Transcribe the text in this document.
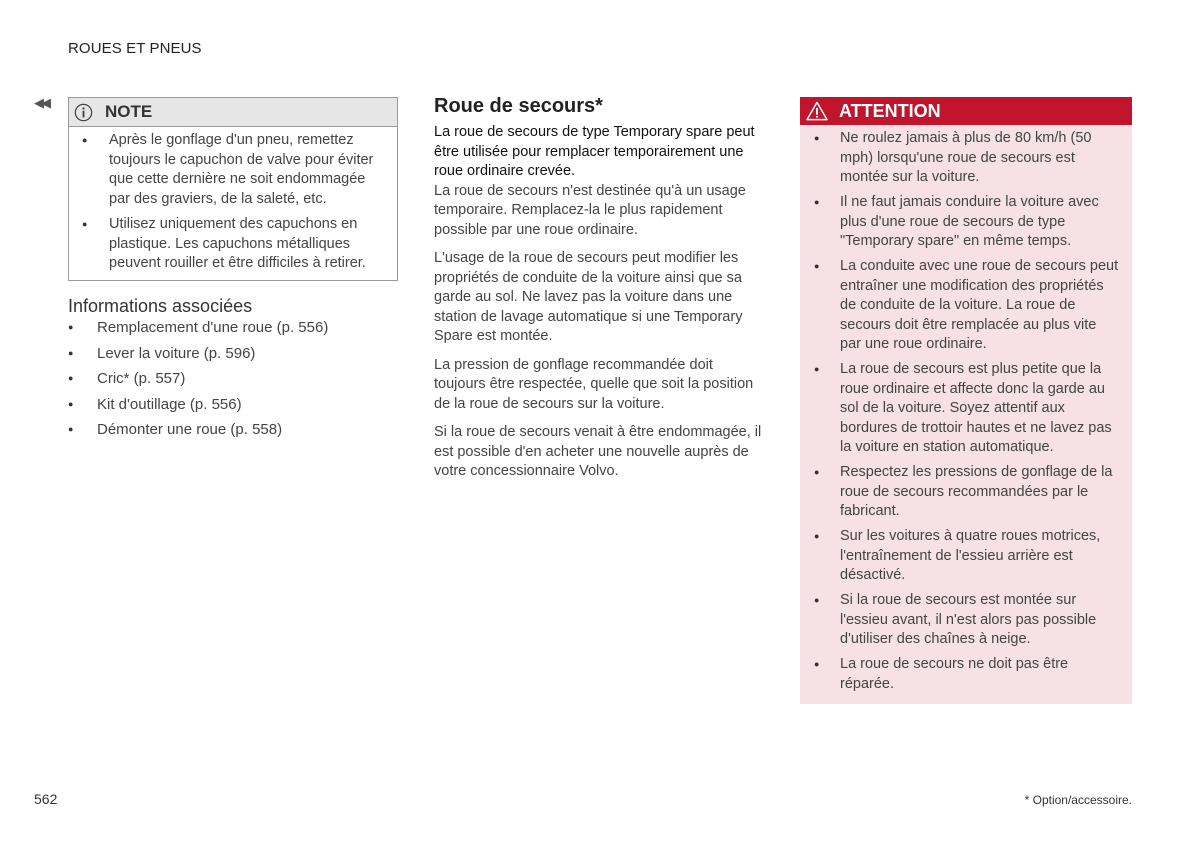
ROUES ET PNEUS
◀◀	NOTE
● Après le gonflage d'un pneu, remettez toujours le capuchon de valve pour éviter que cette dernière ne soit endommagée par des graviers, de la saleté, etc.
● Utilisez uniquement des capuchons en plastique. Les capuchons métalliques peuvent rouiller et être difficiles à retirer.
Informations associées
● Remplacement d'une roue (p. 556)
● Lever la voiture (p. 596)
● Cric* (p. 557)
● Kit d'outillage (p. 556)
● Démonter une roue (p. 558)
Roue de secours*

La roue de secours de type Temporary spare peut être utilisée pour remplacer temporairement une roue ordinaire crevée.

La roue de secours n'est destinée qu'à un usage temporaire. Remplacez-la le plus rapidement possible par une roue ordinaire.

L'usage de la roue de secours peut modifier les propriétés de conduite de la voiture ainsi que sa garde au sol. Ne lavez pas la voiture dans une station de lavage automatique si une Temporary Spare est montée.

La pression de gonflage recommandée doit toujours être respectée, quelle que soit la position de la roue de secours sur la voiture.

Si la roue de secours venait à être endommagée, il est possible d'en acheter une nouvelle auprès de votre concessionnaire Volvo.

ATTENTION
● Ne roulez jamais à plus de 80 km/h (50 mph) lorsqu'une roue de secours est montée sur la voiture.
● Il ne faut jamais conduire la voiture avec plus d'une roue de secours de type "Temporary spare" en même temps.
● La conduite avec une roue de secours peut entraîner une modification des propriétés de conduite de la voiture. La roue de secours doit être remplacée au plus vite par une roue ordinaire.
● La roue de secours est plus petite que la roue ordinaire et affecte donc la garde au sol de la voiture. Soyez attentif aux bordures de trottoir hautes et ne lavez pas la voiture en station automatique.
● Respectez les pressions de gonflage de la roue de secours recommandées par le fabricant.
● Sur les voitures à quatre roues motrices, l'entraînement de l'essieu arrière est désactivé.
● Si la roue de secours est montée sur l'essieu avant, il n'est alors pas possible d'utiliser des chaînes à neige.
● La roue de secours ne doit pas être réparée.
562	* Option/accessoire.
